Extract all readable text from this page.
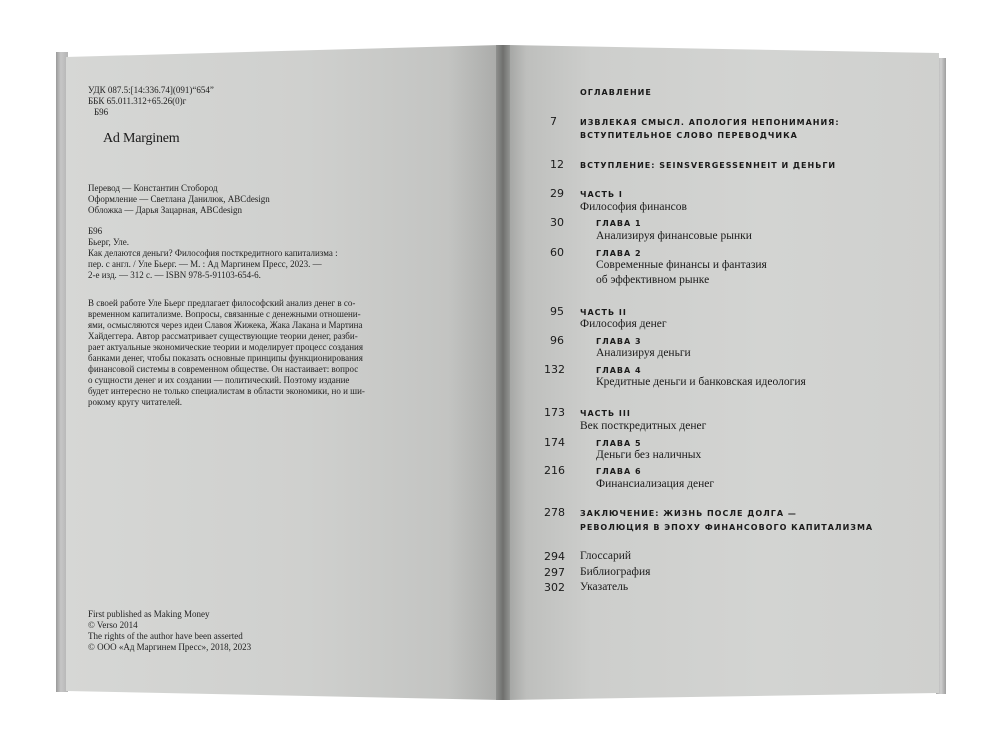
УДК 087.5:[14:336.74](091)“654”
ББК 65.011.312+65.26(0)г
Б96
Ad Marginem
Перевод — Константин Стобород
Оформление — Светлана Данилюк, ABCdesign
Обложка — Дарья Зацарная, ABCdesign
Б96
Бьерг, Уле.
Как делаются деньги? Философия посткредитного капитализма :
пер. с англ. / Уле Бьерг. — М. : Ад Маргинем Пресс, 2023. —
2-е изд. — 312 с. — ISBN 978-5-91103-654-6.
В своей работе Уле Бьерг предлагает философский анализ денег в со-
временном капитализме. Вопросы, связанные с денежными отношени-
ями, осмысляются через идеи Славоя Жижека, Жака Лакана и Мартина
Хайдеггера. Автор рассматривает существующие теории денег, разби-
рает актуальные экономические теории и моделирует процесс создания
банками денег, чтобы показать основные принципы функционирования
финансовой системы в современном обществе. Он настаивает: вопрос
о сущности денег и их создании — политический. Поэтому издание
будет интересно не только специалистам в области экономики, но и ши-
рокому кругу читателей.
First published as Making Money
© Verso 2014
The rights of the author have been asserted
© ООО «Ад Маргинем Пресс», 2018, 2023
ОГЛАВЛЕНИЕ
7	ИЗВЛЕКАЯ СМЫСЛ. АПОЛОГИЯ НЕПОНИМАНИЯ:
ВСТУПИТЕЛЬНОЕ СЛОВО ПЕРЕВОДЧИКА
12 ВСТУПЛЕНИЕ: SEINSVERGESSENHEIT И ДЕНЬГИ
29 ЧАСТЬ I
Философия финансов
30	ГЛАВА 1
Анализируя финансовые рынки
60	ГЛАВА 2
Современные финансы и фантазия
об эффективном рынке
95 ЧАСТЬ II
Философия денег
96	ГЛАВА 3
Анализируя деньги
132	ГЛАВА 4
Кредитные деньги и банковская идеология
173 ЧАСТЬ III
Век посткредитных денег
174	ГЛАВА 5
Деньги без наличных
216	ГЛАВА 6
Финансиализация денег
278 ЗАКЛЮЧЕНИЕ: ЖИЗНЬ ПОСЛЕ ДОЛГА —
РЕВОЛЮЦИЯ В ЭПОХУ ФИНАНСОВОГО КАПИТАЛИЗМА
294 Глоссарий
297 Библиография
302 Указатель
